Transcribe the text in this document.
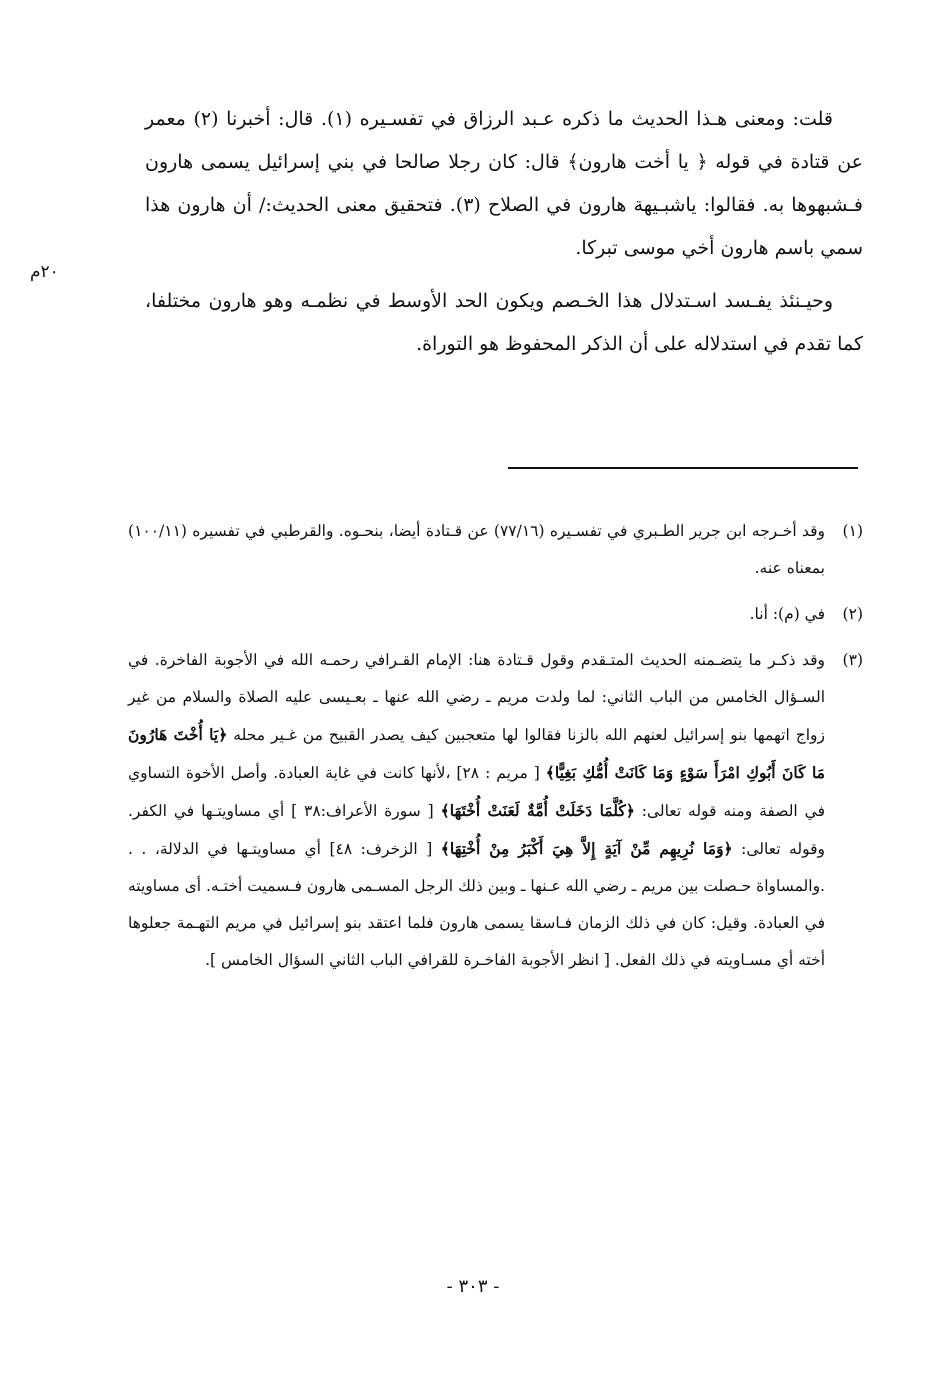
٢٠م

قلت: ومعنى هـذا الحديث ما ذكره عـبد الرزاق في تفسـيره (١). قال: أخبرنا (٢) معمر عن قتادة في قوله ﴿ يا أخت هارون﴾ قال: كان رجلا صالحا في بني إسرائيل يسمى هارون فـشبهوها به. فقالوا: ياشبـيهة هارون في الصلاح (٣). فتحقيق معنى الحديث:/ أن هارون هذا سمي باسم هارون أخي موسى تبركا.

وحيـنئذ يفـسد اسـتدلال هذا الخـصم ويكون الحد الأوسط في نظمـه وهو هارون مختلفا، كما تقدم في استدلاله على أن الذكر المحفوظ هو التوراة.

(١)وقد أخـرجه ابن جرير الطـبري في تفسـيره (٧٧/١٦) عن قـتادة أيضا، بنحـوه. والقرطبي في تفسيره (١٠٠/١١) بمعناه عنه.

(٢)في (م): أنا.

(٣)وقد ذكـر ما يتضـمنه الحديث المتـقدم وقول قـتادة هنا: الإمام القـرافي رحمـه الله في الأجوبة الفاخرة. في السـؤال الخامس من الباب الثاني: لما ولدت مريم ـ رضي الله عنها ـ بعـيسى عليه الصلاة والسلام من غير زواج اتهمها بنو إسرائيل لعنهم الله بالزنا فقالوا لها متعجبين كيف يصدر القبيح من غـير محله ﴿يَا أُخْتَ هَارُونَ مَا كَانَ أَبُوكِ امْرَأَ سَوْءٍ وَمَا كَانَتْ أُمُّكِ بَغِيًّا﴾ [ مريم : ٢٨] ،لأنها كانت في غاية العبادة. وأصل الأخوة التساوي في الصفة ومنه قوله تعالى: ﴿كُلَّمَا دَخَلَتْ أُمَّةٌ لَعَنَتْ أُخْتَهَا﴾ [ سورة الأعراف:٣٨ ] أي مساويتـها في الكفر. وقوله تعالى: ﴿وَمَا نُرِيهِم مِّنْ آيَةٍ إِلاَّ هِيَ أَكْبَرُ مِنْ أُخْتِهَا﴾ [ الزخرف: ٤٨] أي مساويتـها في الدلالة، . . .والمساواة حـصلت بين مريم ـ رضي الله عـنها ـ وبين ذلك الرجل المسـمى هارون فـسميت أختـه. أى مساويته في العبادة. وقيل: كان في ذلك الزمان فـاسقا يسمى هارون فلما اعتقد بنو إسرائيل في مريم التهـمة جعلوها أخته أي مسـاويته في ذلك الفعل. [ انظر الأجوبة الفاخـرة للقرافي الباب الثاني السؤال الخامس ].

- ٣٠٣ -
